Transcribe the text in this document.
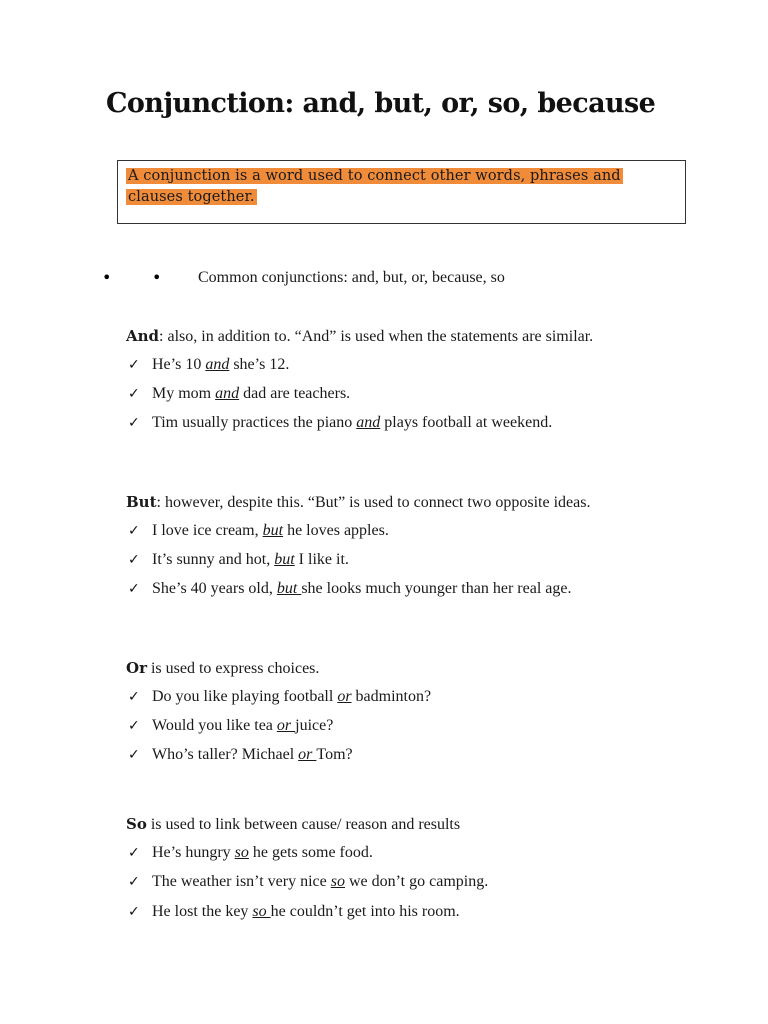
Conjunction: and, but, or, so, because
A conjunction is a word used to connect other words, phrases and clauses together.
•	• Common conjunctions: and, but, or, because, so
And: also, in addition to. “And” is used when the statements are similar.
✓ He’s 10 and she’s 12.
✓ My mom and dad are teachers.
✓ Tim usually practices the piano and plays football at weekend.
But: however, despite this. “But” is used to connect two opposite ideas.
✓ I love ice cream, but he loves apples.
✓ It’s sunny and hot, but I like it.
✓ She’s 40 years old, but she looks much younger than her real age.
Or is used to express choices.
✓ Do you like playing football or badminton?
✓ Would you like tea or juice?
✓ Who’s taller? Michael or Tom?
So is used to link between cause/ reason and results
✓ He’s hungry so he gets some food.
✓ The weather isn’t very nice so we don’t go camping.
✓ He lost the key so he couldn’t get into his room.
